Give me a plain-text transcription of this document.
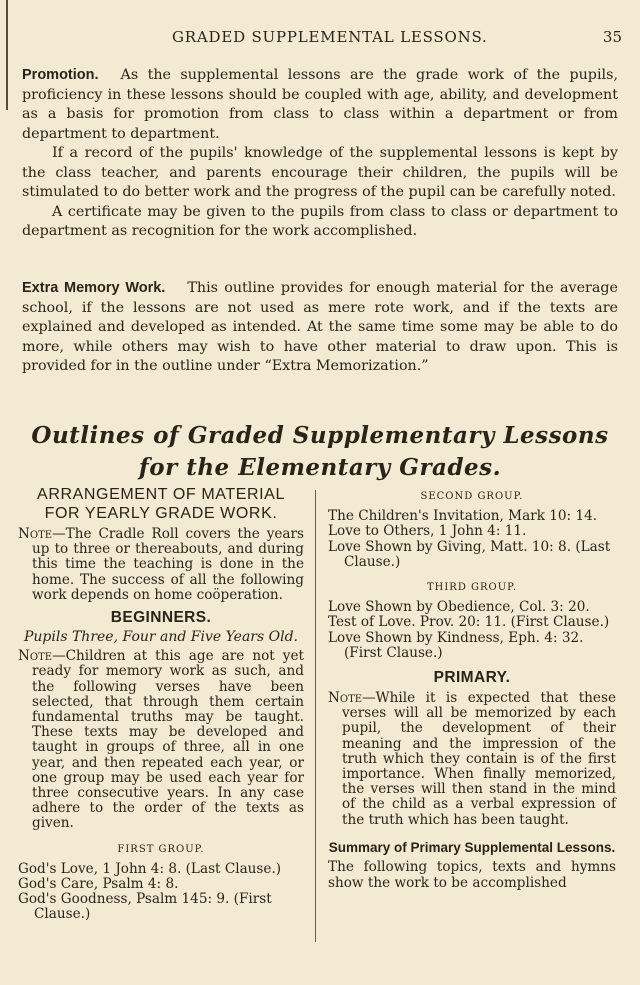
GRADED SUPPLEMENTAL LESSONS.	35

Promotion. As the supplemental lessons are the grade work of the pupils, proficiency in these lessons should be coupled with age, ability, and development as a basis for promotion from class to class within a department or from department to department.

If a record of the pupils' knowledge of the supplemental lessons is kept by the class teacher, and parents encourage their children, the pupils will be stimulated to do better work and the progress of the pupil can be carefully noted.

A certificate may be given to the pupils from class to class or department to department as recognition for the work accomplished.

Extra Memory Work. This outline provides for enough material for the average school, if the lessons are not used as mere rote work, and if the texts are explained and developed as intended. At the same time some may be able to do more, while others may wish to have other material to draw upon. This is provided for in the outline under “Extra Memorization.”

Outlines of Graded Supplementary Lessons for the Elementary Grades.

ARRANGEMENT OF MATERIAL FOR YEARLY GRADE WORK.

Note—The Cradle Roll covers the years up to three or thereabouts, and during this time the teaching is done in the home. The success of all the following work depends on home coöperation.

BEGINNERS.

Pupils Three, Four and Five Years Old.

Note—Children at this age are not yet ready for memory work as such, and the following verses have been selected, that through them certain fundamental truths may be taught. These texts may be developed and taught in groups of three, all in one year, and then repeated each year, or one group may be used each year for three consecutive years. In any case adhere to the order of the texts as given.

FIRST GROUP.

God's Love, 1 John 4: 8. (Last Clause.)

God's Care, Psalm 4: 8.

God's Goodness, Psalm 145: 9. (First Clause.)

SECOND GROUP.

The Children's Invitation, Mark 10: 14.

Love to Others, 1 John 4: 11.

Love Shown by Giving, Matt. 10: 8. (Last Clause.)

THIRD GROUP.

Love Shown by Obedience, Col. 3: 20.

Test of Love. Prov. 20: 11. (First Clause.)

Love Shown by Kindness, Eph. 4: 32. (First Clause.)

PRIMARY.

Note—While it is expected that these verses will all be memorized by each pupil, the development of their meaning and the impression of the truth which they contain is of the first importance. When finally memorized, the verses will then stand in the mind of the child as a verbal expression of the truth which has been taught.

Summary of Primary Supplemental Lessons.

The following topics, texts and hymns show the work to be accomplished
